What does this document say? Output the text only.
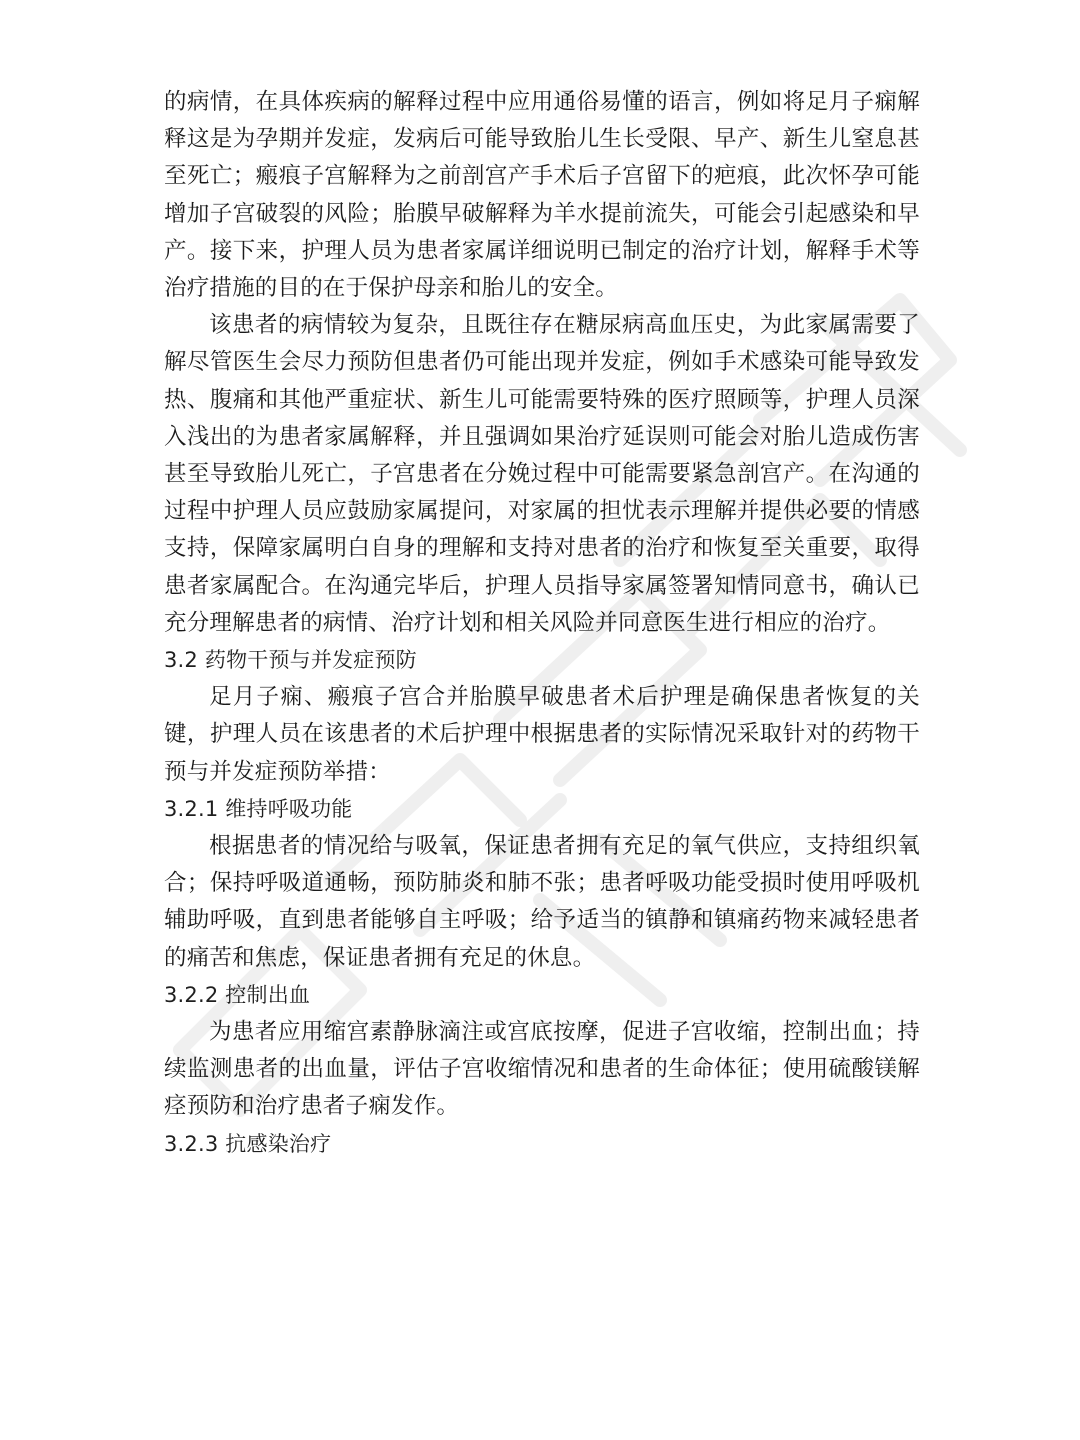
的病情，在具体疾病的解释过程中应用通俗易懂的语言，例如将足月子痫解释这是为孕期并发症，发病后可能导致胎儿生长受限、早产、新生儿窒息甚至死亡；瘢痕子宫解释为之前剖宫产手术后子宫留下的疤痕，此次怀孕可能增加子宫破裂的风险；胎膜早破解释为羊水提前流失，可能会引起感染和早产。接下来，护理人员为患者家属详细说明已制定的治疗计划，解释手术等治疗措施的目的在于保护母亲和胎儿的安全。

该患者的病情较为复杂，且既往存在糖尿病高血压史，为此家属需要了解尽管医生会尽力预防但患者仍可能出现并发症，例如手术感染可能导致发热、腹痛和其他严重症状、新生儿可能需要特殊的医疗照顾等，护理人员深入浅出的为患者家属解释，并且强调如果治疗延误则可能会对胎儿造成伤害甚至导致胎儿死亡，子宫患者在分娩过程中可能需要紧急剖宫产。在沟通的过程中护理人员应鼓励家属提问，对家属的担忧表示理解并提供必要的情感支持，保障家属明白自身的理解和支持对患者的治疗和恢复至关重要，取得患者家属配合。在沟通完毕后，护理人员指导家属签署知情同意书，确认已充分理解患者的病情、治疗计划和相关风险并同意医生进行相应的治疗。

3.2 药物干预与并发症预防

足月子痫、瘢痕子宫合并胎膜早破患者术后护理是确保患者恢复的关键，护理人员在该患者的术后护理中根据患者的实际情况采取针对的药物干预与并发症预防举措：

3.2.1 维持呼吸功能

根据患者的情况给与吸氧，保证患者拥有充足的氧气供应，支持组织氧合；保持呼吸道通畅，预防肺炎和肺不张；患者呼吸功能受损时使用呼吸机辅助呼吸，直到患者能够自主呼吸；给予适当的镇静和镇痛药物来减轻患者的痛苦和焦虑，保证患者拥有充足的休息。

3.2.2 控制出血

为患者应用缩宫素静脉滴注或宫底按摩，促进子宫收缩，控制出血；持续监测患者的出血量，评估子宫收缩情况和患者的生命体征；使用硫酸镁解痉预防和治疗患者子痫发作。

3.2.3 抗感染治疗
